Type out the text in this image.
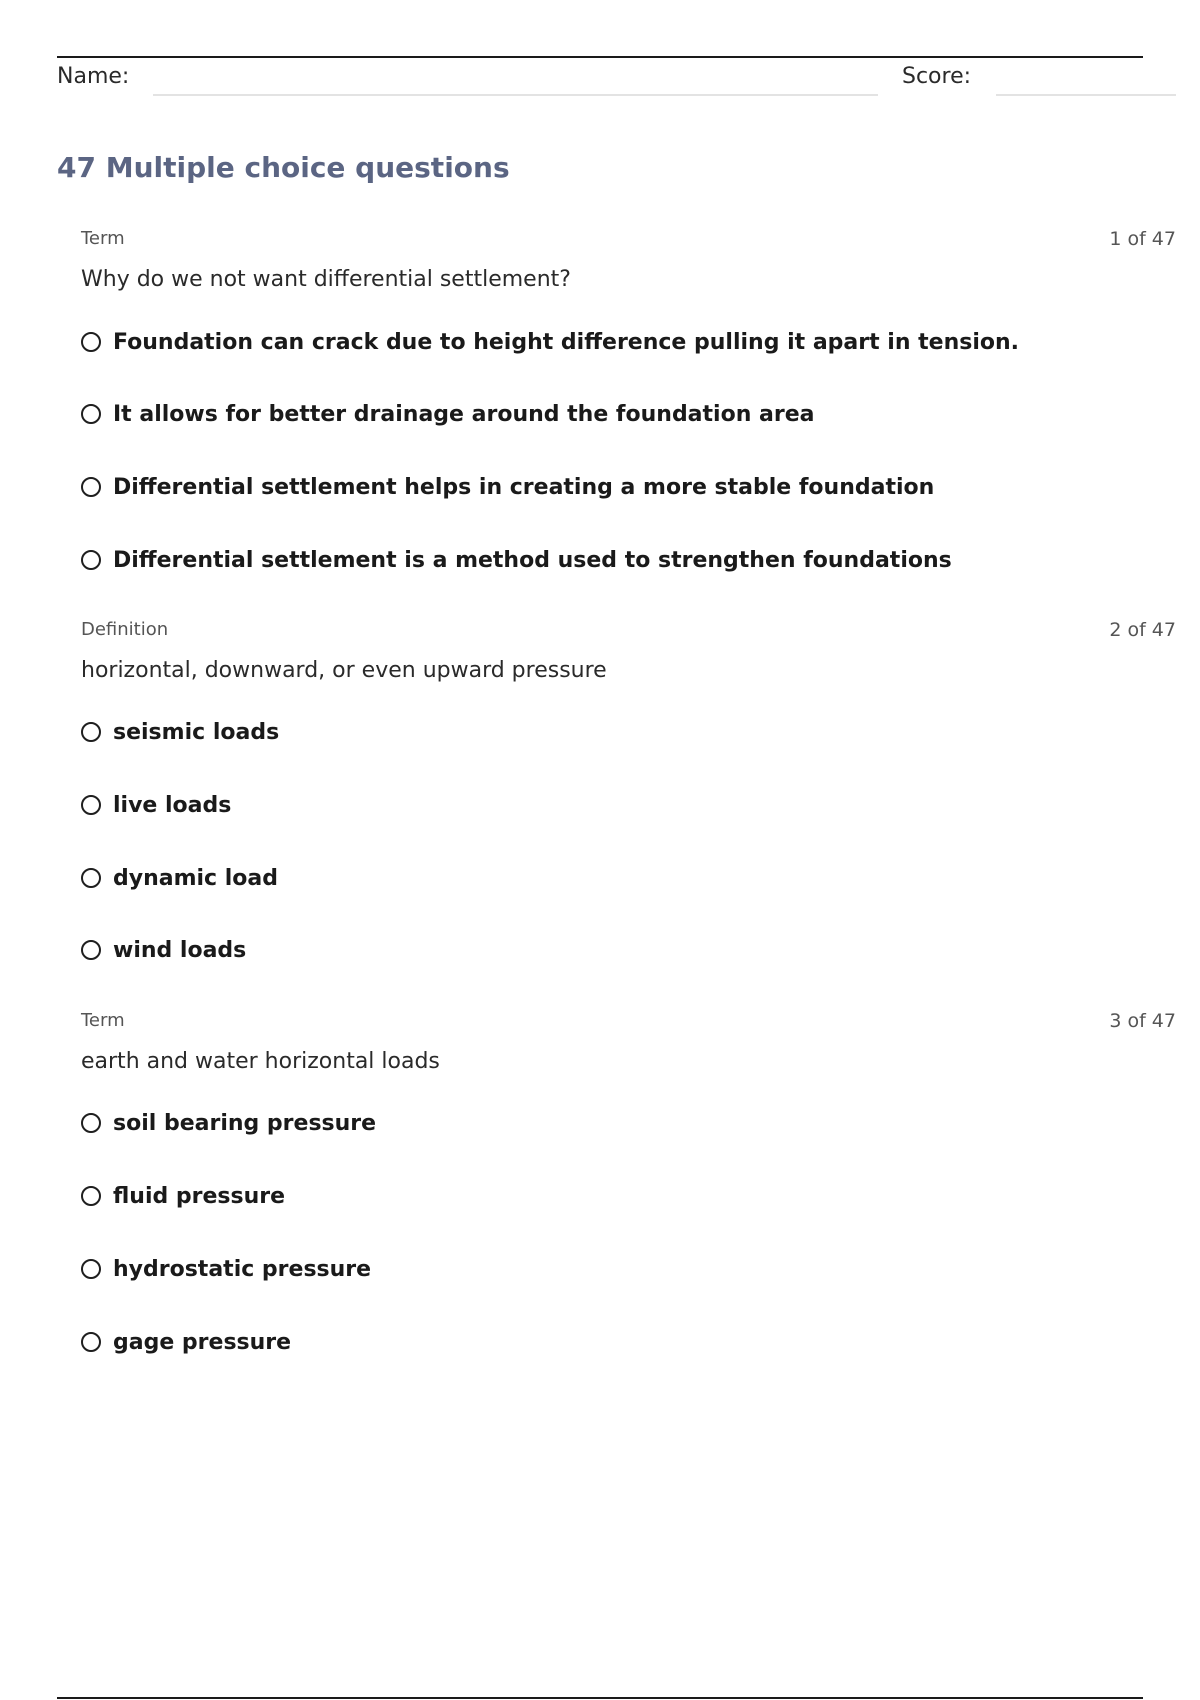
Name:	Score:
47 Multiple choice questions
Term	1 of 47
Why do we not want differential settlement?
Foundation can crack due to height difference pulling it apart in tension.
It allows for better drainage around the foundation area
Differential settlement helps in creating a more stable foundation
Differential settlement is a method used to strengthen foundations
Definition	2 of 47
horizontal, downward, or even upward pressure
seismic loads
live loads
dynamic load
wind loads
Term	3 of 47
earth and water horizontal loads
soil bearing pressure
fluid pressure
hydrostatic pressure
gage pressure
